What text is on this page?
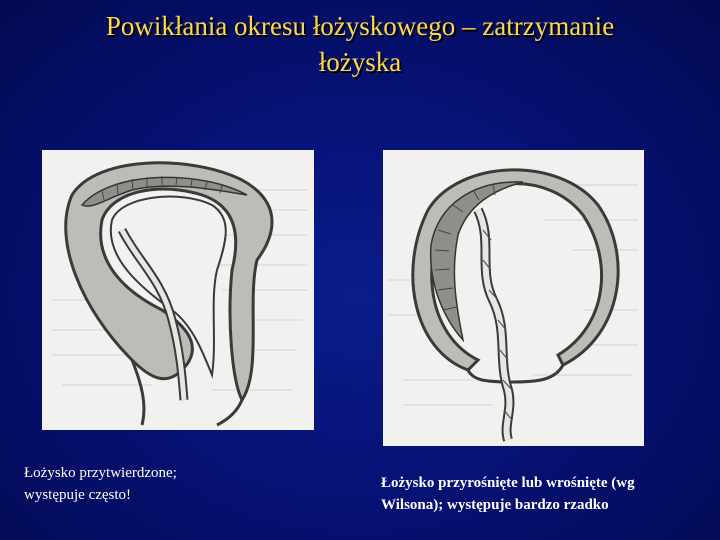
Powikłania okresu łożyskowego – zatrzymanie
łożyska
Łożysko przytwierdzone;
występuje często!
Łożysko przyrośnięte lub wrośnięte (wg
Wilsona); występuje bardzo rzadko
